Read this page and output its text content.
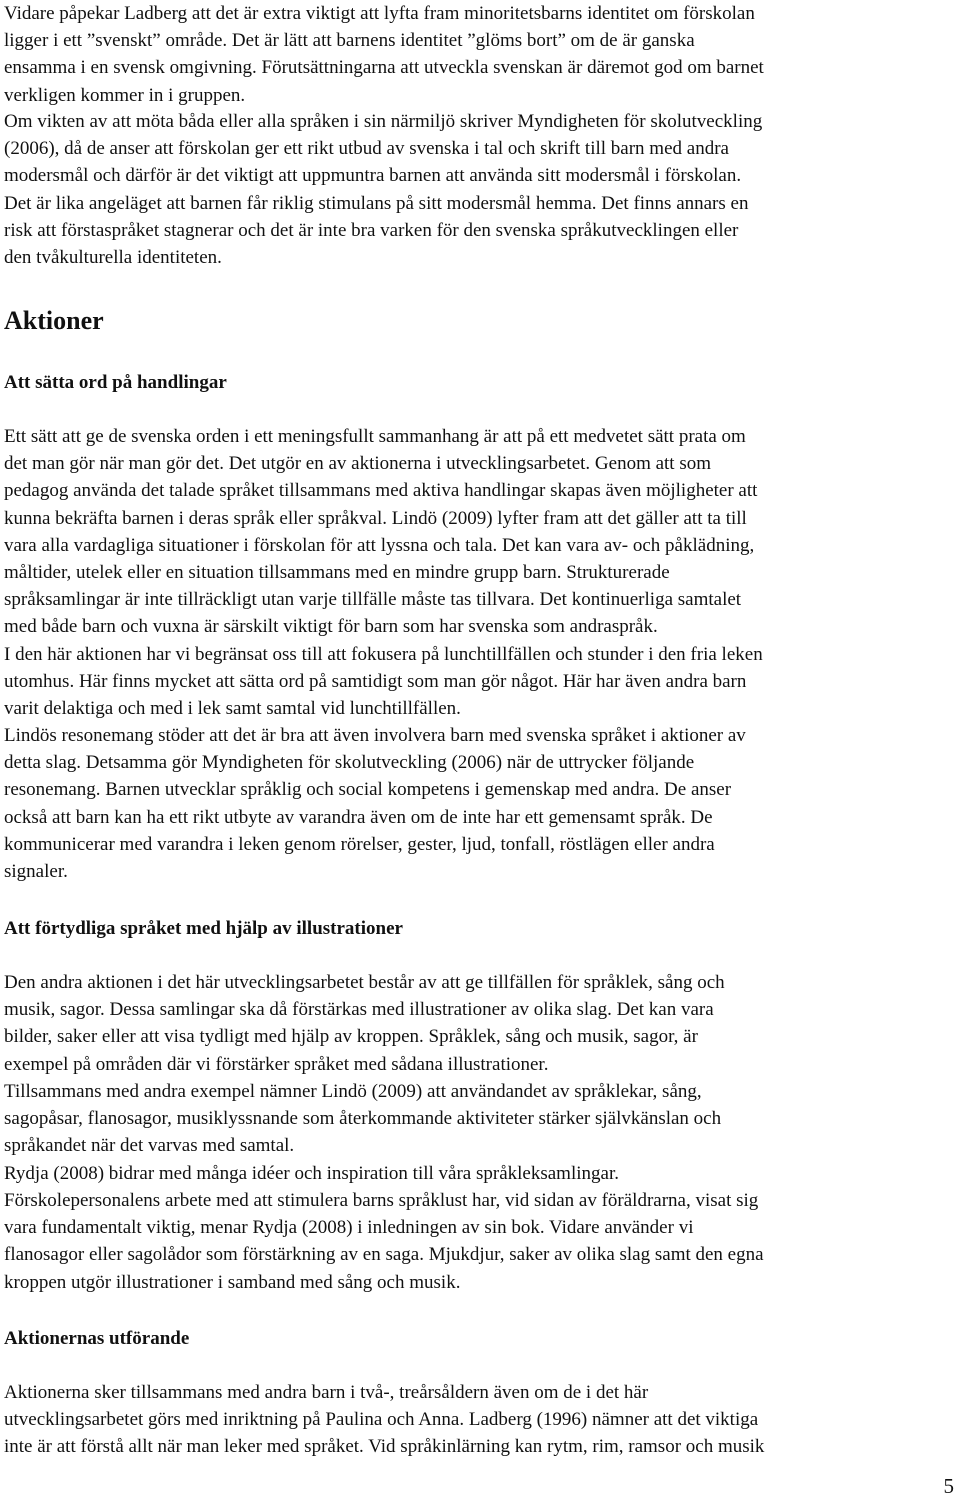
Vidare påpekar Ladberg att det är extra viktigt att lyfta fram minoritetsbarns identitet om förskolan
ligger i ett ”svenskt” område. Det är lätt att barnens identitet ”glöms bort” om de är ganska
ensamma i en svensk omgivning. Förutsättningarna att utveckla svenskan är däremot god om barnet
verkligen kommer in i gruppen.

Om vikten av att möta båda eller alla språken i sin närmiljö skriver Myndigheten för skolutveckling
(2006), då de anser att förskolan ger ett rikt utbud av svenska i tal och skrift till barn med andra
modersmål och därför är det viktigt att uppmuntra barnen att använda sitt modersmål i förskolan.
Det är lika angeläget att barnen får riklig stimulans på sitt modersmål hemma. Det finns annars en
risk att förstaspråket stagnerar och det är inte bra varken för den svenska språkutvecklingen eller
den tvåkulturella identiteten.

Aktioner
Att sätta ord på handlingar

Ett sätt att ge de svenska orden i ett meningsfullt sammanhang är att på ett medvetet sätt prata om
det man gör när man gör det. Det utgör en av aktionerna i utvecklingsarbetet. Genom att som
pedagog använda det talade språket tillsammans med aktiva handlingar skapas även möjligheter att
kunna bekräfta barnen i deras språk eller språkval. Lindö (2009) lyfter fram att det gäller att ta till
vara alla vardagliga situationer i förskolan för att lyssna och tala. Det kan vara av- och påklädning,
måltider, utelek eller en situation tillsammans med en mindre grupp barn. Strukturerade
språksamlingar är inte tillräckligt utan varje tillfälle måste tas tillvara. Det kontinuerliga samtalet
med både barn och vuxna är särskilt viktigt för barn som har svenska som andraspråk.

I den här aktionen har vi begränsat oss till att fokusera på lunchtillfällen och stunder i den fria leken
utomhus. Här finns mycket att sätta ord på samtidigt som man gör något. Här har även andra barn
varit delaktiga och med i lek samt samtal vid lunchtillfällen.

Lindös resonemang stöder att det är bra att även involvera barn med svenska språket i aktioner av
detta slag. Detsamma gör Myndigheten för skolutveckling (2006) när de uttrycker följande
resonemang. Barnen utvecklar språklig och social kompetens i gemenskap med andra. De anser
också att barn kan ha ett rikt utbyte av varandra även om de inte har ett gemensamt språk. De
kommunicerar med varandra i leken genom rörelser, gester, ljud, tonfall, röstlägen eller andra
signaler.

Att förtydliga språket med hjälp av illustrationer

Den andra aktionen i det här utvecklingsarbetet består av att ge tillfällen för språklek, sång och
musik, sagor. Dessa samlingar ska då förstärkas med illustrationer av olika slag. Det kan vara
bilder, saker eller att visa tydligt med hjälp av kroppen. Språklek, sång och musik, sagor, är
exempel på områden där vi förstärker språket med sådana illustrationer.

Tillsammans med andra exempel nämner Lindö (2009) att användandet av språklekar, sång,
sagopåsar, flanosagor, musiklyssnande som återkommande aktiviteter stärker självkänslan och
språkandet när det varvas med samtal.

Rydja (2008) bidrar med många idéer och inspiration till våra språkleksamlingar.

Förskolepersonalens arbete med att stimulera barns språklust har, vid sidan av föräldrarna, visat sig
vara fundamentalt viktig, menar Rydja (2008) i inledningen av sin bok. Vidare använder vi
flanosagor eller sagolådor som förstärkning av en saga. Mjukdjur, saker av olika slag samt den egna
kroppen utgör illustrationer i samband med sång och musik.

Aktionernas utförande

Aktionerna sker tillsammans med andra barn i två-, treårsåldern även om de i det här
utvecklingsarbetet görs med inriktning på Paulina och Anna. Ladberg (1996) nämner att det viktiga
inte är att förstå allt när man leker med språket. Vid språkinlärning kan rytm, rim, ramsor och musik

5
